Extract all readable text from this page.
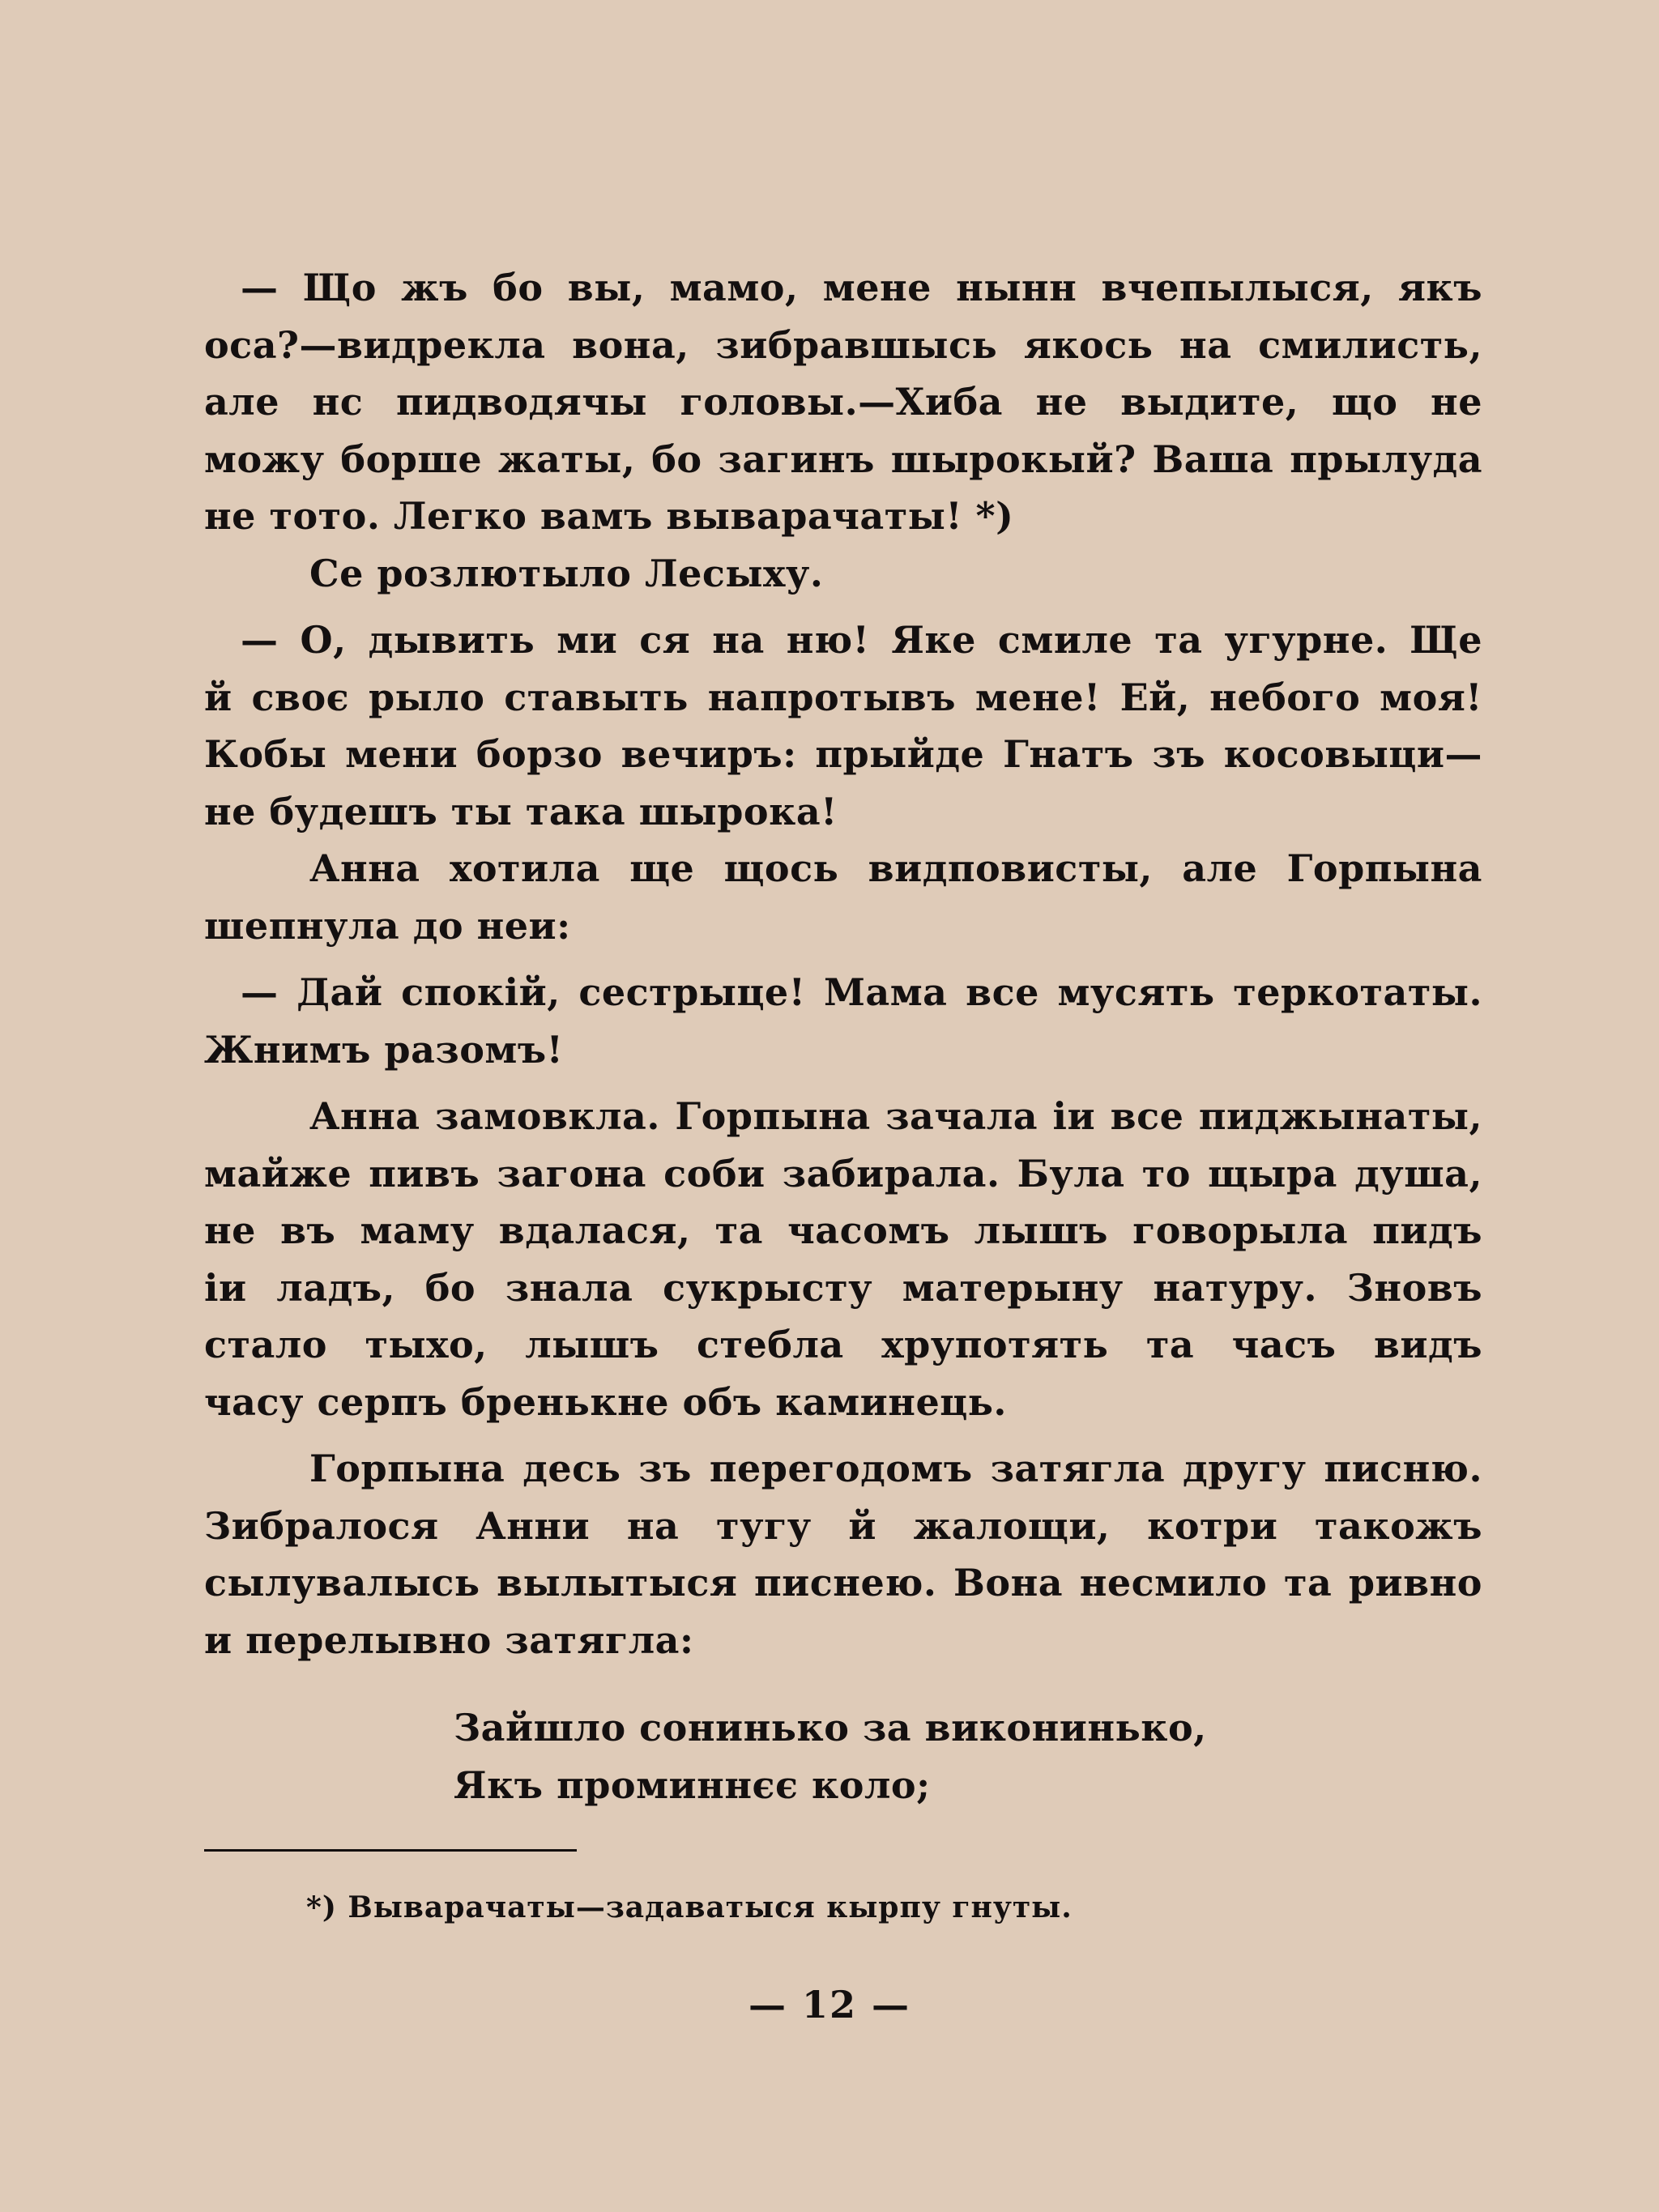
— Що жъ бо вы, мамо, мене нынн вчепылыся, якъ
оса?—видрекла вона, зибравшысь якось на смилисть,
але нс пидводячы головы.—Хиба не выдите, що не
можу борше жаты, бо загинъ шырокый? Ваша прылуда
не тото. Легко вамъ вываpачаты! *)
Се розлютыло Лесыху.
— О, дывить ми ся на ню! Яке смиле та угурне. Ще
й своє рыло ставыть напротывъ мене! Ей, небого моя!
Кобы мени борзо вечиръ: прыйде Гнатъ зъ косовыци—
не будешъ ты така шырока!
Анна хотила ще щось видповисты, але Горпына
шепнула до неи:
— Дай спокій, сестрыце! Мама все мусять теркотаты.
Жнимъ разомъ!
Анна замовкла. Горпына зачала іи все пиджынаты,
майже пивъ загона соби забирала. Була то щыра душа,
не въ маму вдалася, та часомъ лышъ говорыла пидъ
іи ладъ, бо знала сукрысту матерыну натуру. Зновъ
стало тыхо, лышъ стебла хрупотять та часъ видъ
часу серпъ бренькне объ каминець.
Горпына десь зъ перегодомъ затягла другу писню.
Зибралося Анни на тугу й жалощи, котри такожъ
сылувалысь вылытыся писнею. Вона несмило та ривно
и перелывно затягла:
Зайшло сонинько за виконинько,
Якъ проминнєє коло;
*) Вывapачаты—задаватыся кырпу гнуты.
— 12 —
